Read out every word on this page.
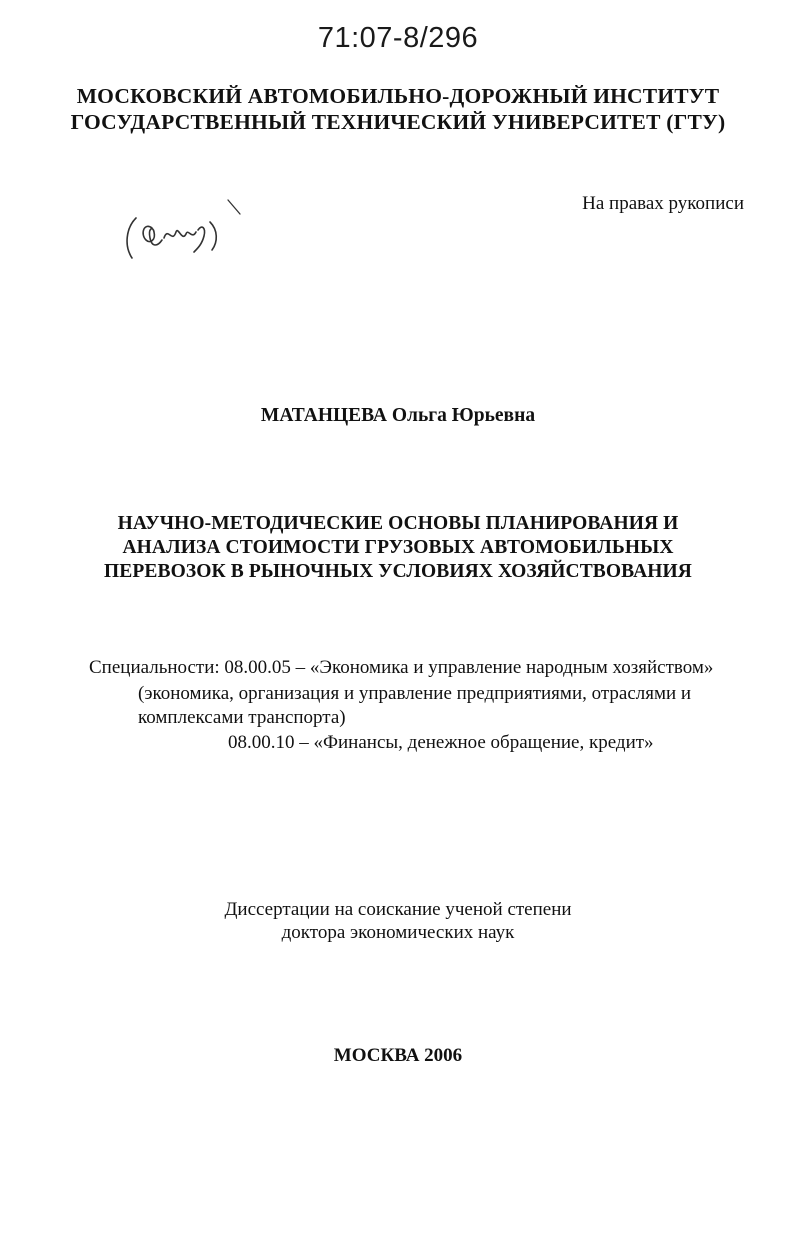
71:07-8/296
МОСКОВСКИЙ АВТОМОБИЛЬНО-ДОРОЖНЫЙ ИНСТИТУТ
ГОСУДАРСТВЕННЫЙ ТЕХНИЧЕСКИЙ УНИВЕРСИТЕТ (ГТУ)
На правах рукописи
МАТАНЦЕВА Ольга Юрьевна
НАУЧНО-МЕТОДИЧЕСКИЕ ОСНОВЫ ПЛАНИРОВАНИЯ И
АНАЛИЗА СТОИМОСТИ ГРУЗОВЫХ АВТОМОБИЛЬНЫХ
ПЕРЕВОЗОК В РЫНОЧНЫХ УСЛОВИЯХ ХОЗЯЙСТВОВАНИЯ
Специальности: 08.00.05 – «Экономика и управление народным хозяйством»
(экономика, организация и управление предприятиями, отраслями и
комплексами транспорта)
08.00.10 – «Финансы, денежное обращение, кредит»
Диссертации на соискание ученой степени
доктора экономических наук
МОСКВА 2006
